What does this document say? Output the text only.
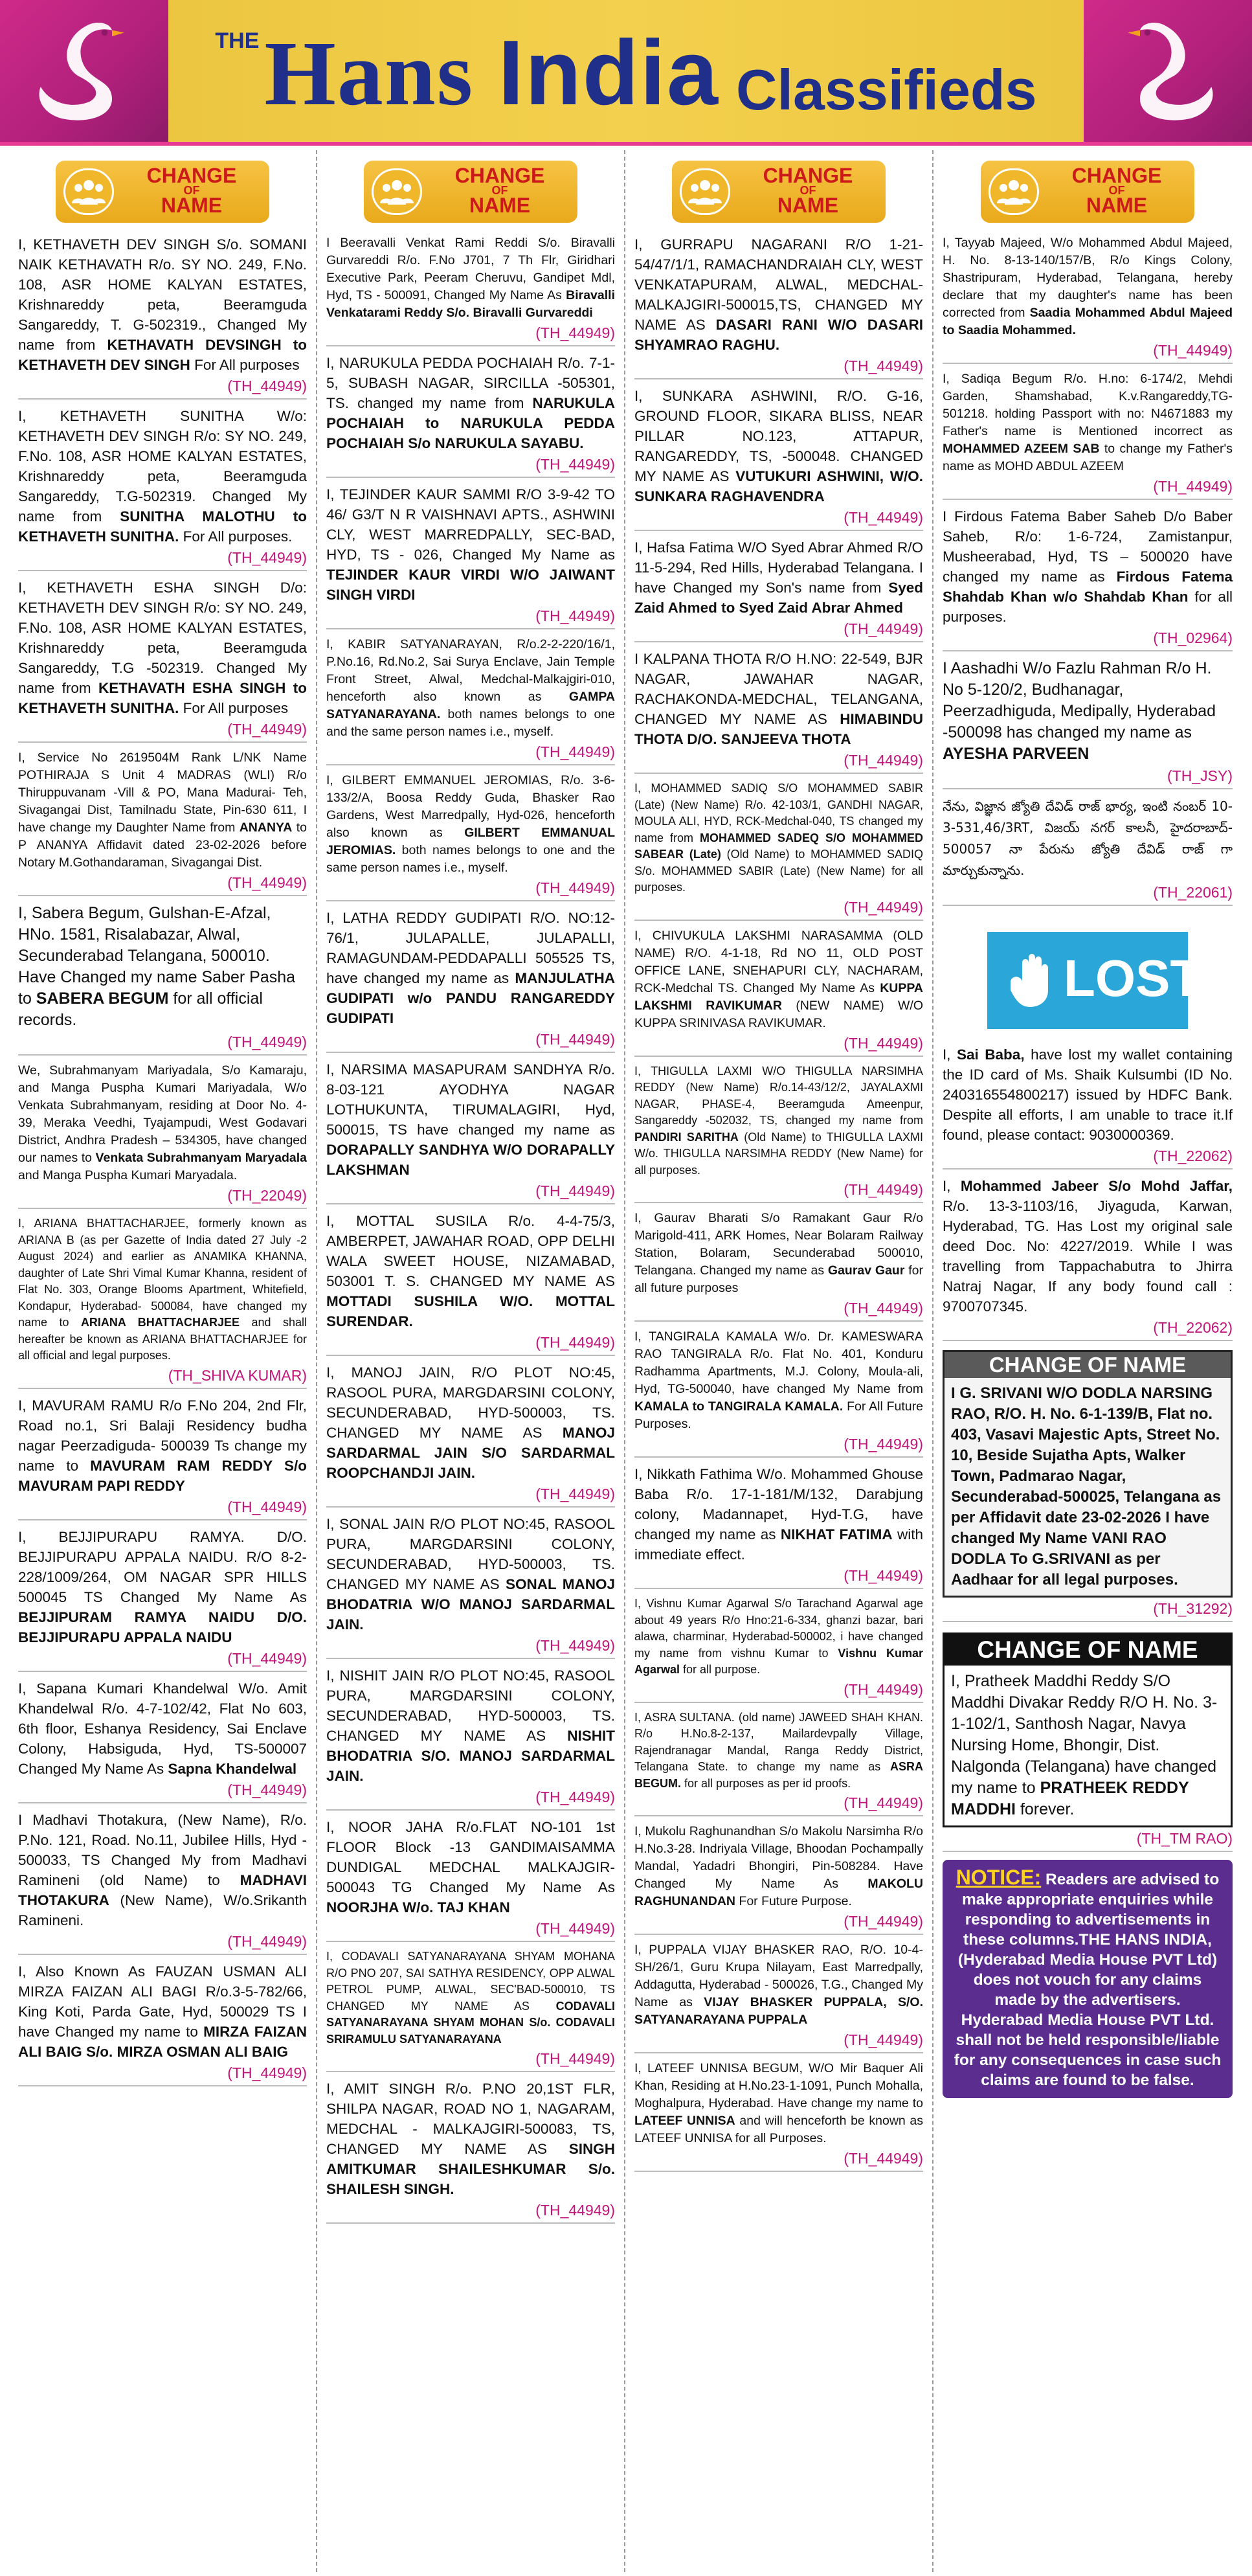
THE Hans India Classifieds
CHANGE
OF
NAME
I, KETHAVETH DEV SINGH S/o. SOMANI NAIK KETHAVATH R/o. SY NO. 249, F.No. 108, ASR HOME KALYAN ESTATES, Krishnareddy peta, Beeramguda Sangareddy, T. G-502319., Changed My name from KETHAVATH DEVSINGH to KETHAVETH DEV SINGH For All purposes
(TH_44949)
I, KETHAVETH SUNITHA W/o: KETHAVETH DEV SINGH R/o: SY NO. 249, F.No. 108, ASR HOME KALYAN ESTATES, Krishnareddy peta, Beeramguda Sangareddy, T.G-502319. Changed My name from SUNITHA MALOTHU to KETHAVETH SUNITHA. For All purposes.
(TH_44949)
I, KETHAVETH ESHA SINGH D/o: KETHAVETH DEV SINGH R/o: SY NO. 249, F.No. 108, ASR HOME KALYAN ESTATES, Krishnareddy peta, Beeramguda Sangareddy, T.G -502319. Changed My name from KETHAVATH ESHA SINGH to KETHAVETH SUNITHA. For All purposes
(TH_44949)
I, Service No 2619504M Rank L/NK Name POTHIRAJA S Unit 4 MADRAS (WLI) R/o Thiruppuvanam -Vill & PO, Mana Madurai- Teh, Sivagangai Dist, Tamilnadu State, Pin-630 611, I have change my Daughter Name from ANANYA to P ANANYA Affidavit dated 23-02-2026 before Notary M.Gothandaraman, Sivagangai Dist.
(TH_44949)
I, Sabera Begum, Gulshan-E-Afzal, HNo. 1581, Risalabazar, Alwal, Secunderabad Telangana, 500010. Have Changed my name Saber Pasha to SABERA BEGUM for all official records.
(TH_44949)
We, Subrahmanyam Mariyadala, S/o Kamaraju, and Manga Puspha Kumari Mariyadala, W/o Venkata Subrahmanyam, residing at Door No. 4-39, Meraka Veedhi, Tyajampudi, West Godavari District, Andhra Pradesh – 534305, have changed our names to Venkata Subrahmanyam Maryadala and Manga Puspha Kumari Maryadala.
(TH_22049)
I, ARIANA BHATTACHARJEE, formerly known as ARIANA B (as per Gazette of India dated 27 July -2 August 2024) and earlier as ANAMIKA KHANNA, daughter of Late Shri Vimal Kumar Khanna, resident of Flat No. 303, Orange Blooms Apartment, Whitefield, Kondapur, Hyderabad- 500084, have changed my name to ARIANA BHATTACHARJEE and shall hereafter be known as ARIANA BHATTACHARJEE for all official and legal purposes.
(TH_SHIVA KUMAR)
I, MAVURAM RAMU R/o F.No 204, 2nd Flr, Road no.1, Sri Balaji Residency budha nagar Peerzadiguda- 500039 Ts change my name to MAVURAM RAM REDDY S/o MAVURAM PAPI REDDY
(TH_44949)
I, BEJJIPURAPU RAMYA. D/O. BEJJIPURAPU APPALA NAIDU. R/O 8-2-228/1009/264, OM NAGAR SPR HILLS 500045 TS Changed My Name As BEJJIPURAM RAMYA NAIDU D/O. BEJJIPURAPU APPALA NAIDU
(TH_44949)
I, Sapana Kumari Khandelwal W/o. Amit Khandelwal R/o. 4-7-102/42, Flat No 603, 6th floor, Eshanya Residency, Sai Enclave Colony, Habsiguda, Hyd, TS-500007 Changed My Name As Sapna Khandelwal
(TH_44949)
I Madhavi Thotakura, (New Name), R/o. P.No. 121, Road. No.11, Jubilee Hills, Hyd - 500033, TS Changed My from Madhavi Ramineni (old Name) to MADHAVI THOTAKURA (New Name), W/o.Srikanth Ramineni.
(TH_44949)
I, Also Known As FAUZAN USMAN ALI MIRZA FAIZAN ALI BAGI R/o.3-5-782/66, King Koti, Parda Gate, Hyd, 500029 TS I have Changed my name to MIRZA FAIZAN ALI BAIG S/o. MIRZA OSMAN ALI BAIG
(TH_44949)
CHANGE
OF
NAME
I Beeravalli Venkat Rami Reddi S/o. Biravalli Gurvareddi R/o. F.No J701, 7 Th Flr, Giridhari Executive Park, Peeram Cheruvu, Gandipet Mdl, Hyd, TS - 500091, Changed My Name As Biravalli Venkatarami Reddy S/o. Biravalli Gurvareddi
(TH_44949)
I, NARUKULA PEDDA POCHAIAH R/o. 7-1-5, SUBASH NAGAR, SIRCILLA -505301, TS. changed my name from NARUKULA POCHAIAH to NARUKULA PEDDA POCHAIAH S/o NARUKULA SAYABU.
(TH_44949)
I, TEJINDER KAUR SAMMI R/O 3-9-42 TO 46/ G3/T N R VAISHNAVI APTS., ASHWINI CLY, WEST MARREDPALLY, SEC-BAD, HYD, TS - 026, Changed My Name as TEJINDER KAUR VIRDI W/O JAIWANT SINGH VIRDI
(TH_44949)
I, KABIR SATYANARAYAN, R/o.2-2-220/16/1, P.No.16, Rd.No.2, Sai Surya Enclave, Jain Temple Front Street, Alwal, Medchal-Malkajgiri-010, henceforth also known as GAMPA SATYANARAYANA. both names belongs to one and the same person names i.e., myself.
(TH_44949)
I, GILBERT EMMANUEL JEROMIAS, R/o. 3-6-133/2/A, Boosa Reddy Guda, Bhasker Rao Gardens, West Marredpally, Hyd-026, henceforth also known as GILBERT EMMANUAL JEROMIAS. both names belongs to one and the same person names i.e., myself.
(TH_44949)
I, LATHA REDDY GUDIPATI R/O. NO:12-76/1, JULAPALLE, JULAPALLI, RAMAGUNDAM-PEDDAPALLI 505525 TS, have changed my name as MANJULATHA GUDIPATI w/o PANDU RANGAREDDY GUDIPATI
(TH_44949)
I, NARSIMA MASAPURAM SANDHYA R/o. 8-03-121 AYODHYA NAGAR LOTHUKUNTA, TIRUMALAGIRI, Hyd, 500015, TS have changed my name as DORAPALLY SANDHYA W/O DORAPALLY LAKSHMAN
(TH_44949)
I, MOTTAL SUSILA R/o. 4-4-75/3, AMBERPET, JAWAHAR ROAD, OPP DELHI WALA SWEET HOUSE, NIZAMABAD, 503001 T. S. CHANGED MY NAME AS MOTTADI SUSHILA W/O. MOTTAL SURENDAR.
(TH_44949)
I, MANOJ JAIN, R/O PLOT NO:45, RASOOL PURA, MARGDARSINI COLONY, SECUNDERABAD, HYD-500003, TS. CHANGED MY NAME AS MANOJ SARDARMAL JAIN S/O SARDARMAL ROOPCHANDJI JAIN.
(TH_44949)
I, SONAL JAIN R/O PLOT NO:45, RASOOL PURA, MARGDARSINI COLONY, SECUNDERABAD, HYD-500003, TS. CHANGED MY NAME AS SONAL MANOJ BHODATRIA W/O MANOJ SARDARMAL JAIN.
(TH_44949)
I, NISHIT JAIN R/O PLOT NO:45, RASOOL PURA, MARGDARSINI COLONY, SECUNDERABAD, HYD-500003, TS. CHANGED MY NAME AS NISHIT BHODATRIA S/O. MANOJ SARDARMAL JAIN.
(TH_44949)
I, NOOR JAHA R/o.FLAT NO-101 1st FLOOR Block -13 GANDIMAISAMMA DUNDIGAL MEDCHAL MALKAJGIR-500043 TG Changed My Name As NOORJHA W/o. TAJ KHAN
(TH_44949)
I, CODAVALI SATYANARAYANA SHYAM MOHANA R/O PNO 207, SAI SATHYA RESIDENCY, OPP ALWAL PETROL PUMP, ALWAL, SEC'BAD-500010, TS CHANGED MY NAME AS CODAVALI SATYANARAYANA SHYAM MOHAN S/o. CODAVALI SRIRAMULU SATYANARAYANA
(TH_44949)
I, AMIT SINGH R/o. P.NO 20,1ST FLR, SHILPA NAGAR, ROAD NO 1, NAGARAM, MEDCHAL - MALKAJGIRI-500083, TS, CHANGED MY NAME AS SINGH AMITKUMAR SHAILESHKUMAR S/o. SHAILESH SINGH.
(TH_44949)
CHANGE
OF
NAME
I, GURRAPU NAGARANI R/O 1-21-54/47/1/1, RAMACHANDRAIAH CLY, WEST VENKATAPURAM, ALWAL, MEDCHAL-MALKAJGIRI-500015,TS, CHANGED MY NAME AS DASARI RANI W/O DASARI SHYAMRAO RAGHU.
(TH_44949)
I, SUNKARA ASHWINI, R/O. G-16, GROUND FLOOR, SIKARA BLISS, NEAR PILLAR NO.123, ATTAPUR, RANGAREDDY, TS, -500048. CHANGED MY NAME AS VUTUKURI ASHWINI, W/O. SUNKARA RAGHAVENDRA
(TH_44949)
I, Hafsa Fatima W/O Syed Abrar Ahmed R/O 11-5-294, Red Hills, Hyderabad Telangana. I have Changed my Son's name from Syed Zaid Ahmed to Syed Zaid Abrar Ahmed
(TH_44949)
I KALPANA THOTA R/O H.NO: 22-549, BJR NAGAR, JAWAHAR NAGAR, RACHAKONDA-MEDCHAL, TELANGANA, CHANGED MY NAME AS HIMABINDU THOTA D/O. SANJEEVA THOTA
(TH_44949)
I, MOHAMMED SADIQ S/O MOHAMMED SABIR (Late) (New Name) R/o. 42-103/1, GANDHI NAGAR, MOULA ALI, HYD, RCK-Medchal-040, TS changed my name from MOHAMMED SADEQ S/O MOHAMMED SABEAR (Late) (Old Name) to MOHAMMED SADIQ S/o. MOHAMMED SABIR (Late) (New Name) for all purposes.
(TH_44949)
I, CHIVUKULA LAKSHMI NARASAMMA (OLD NAME) R/O. 4-1-18, Rd NO 11, OLD POST OFFICE LANE, SNEHAPURI CLY, NACHARAM, RCK-Medchal TS. Changed My Name As KUPPA LAKSHMI RAVIKUMAR (NEW NAME) W/O KUPPA SRINIVASA RAVIKUMAR.
(TH_44949)
I, THIGULLA LAXMI W/O THIGULLA NARSIMHA REDDY (New Name) R/o.14-43/12/2, JAYALAXMI NAGAR, PHASE-4, Beeramguda Ameenpur, Sangareddy -502032, TS, changed my name from PANDIRI SARITHA (Old Name) to THIGULLA LAXMI W/o. THIGULLA NARSIMHA REDDY (New Name) for all purposes.
(TH_44949)
I, Gaurav Bharati S/o Ramakant Gaur R/o Marigold-411, ARK Homes, Near Bolaram Railway Station, Bolaram, Secunderabad 500010, Telangana. Changed my name as Gaurav Gaur for all future purposes
(TH_44949)
I, TANGIRALA KAMALA W/o. Dr. KAMESWARA RAO TANGIRALA R/o. Flat No. 401, Konduru Radhamma Apartments, M.J. Colony, Moula-ali, Hyd, TG-500040, have changed My Name from KAMALA to TANGIRALA KAMALA. For All Future Purposes.
(TH_44949)
I, Nikkath Fathima W/o. Mohammed Ghouse Baba R/o. 17-1-181/M/132, Darabjung colony, Madannapet, Hyd-T.G, have changed my name as NIKHAT FATIMA with immediate effect.
(TH_44949)
I, Vishnu Kumar Agarwal S/o Tarachand Agarwal age about 49 years R/o Hno:21-6-334, ghanzi bazar, bari alawa, charminar, Hyderabad-500002, i have changed my name from vishnu Kumar to Vishnu Kumar Agarwal for all purpose.
(TH_44949)
I, ASRA SULTANA. (old name) JAWEED SHAH KHAN. R/o H.No.8-2-137, Mailardevpally Village, Rajendranagar Mandal, Ranga Reddy District, Telangana State. to change my name as ASRA BEGUM. for all purposes as per id proofs.
(TH_44949)
I, Mukolu Raghunandhan S/o Makolu Narsimha R/o H.No.3-28. Indriyala Village, Bhoodan Pochampally Mandal, Yadadri Bhongiri, Pin-508284. Have Changed My Name As MAKOLU RAGHUNANDAN For Future Purpose.
(TH_44949)
I, PUPPALA VIJAY BHASKER RAO, R/O. 10-4-SH/26/1, Guru Krupa Nilayam, East Marredpally, Addagutta, Hyderabad - 500026, T.G., Changed My Name as VIJAY BHASKER PUPPALA, S/O. SATYANARAYANA PUPPALA
(TH_44949)
I, LATEEF UNNISA BEGUM, W/O Mir Baquer Ali Khan, Residing at H.No.23-1-1091, Punch Mohalla, Moghalpura, Hyderabad. Have change my name to LATEEF UNNISA and will henceforth be known as LATEEF UNNISA for all Purposes.
(TH_44949)
CHANGE
OF
NAME
I, Tayyab Majeed, W/o Mohammed Abdul Majeed, H. No. 8-13-140/157/B, R/o Kings Colony, Shastripuram, Hyderabad, Telangana, hereby declare that my daughter's name has been corrected from Saadia Mohammed Abdul Majeed to Saadia Mohammed.
(TH_44949)
I, Sadiqa Begum R/o. H.no: 6-174/2, Mehdi Garden, Shamshabad, K.v.Rangareddy,TG-501218. holding Passport with no: N4671883 my Father's name is Mentioned incorrect as MOHAMMED AZEEM SAB to change my Father's name as MOHD ABDUL AZEEM
(TH_44949)
I Firdous Fatema Baber Saheb D/o Baber Saheb, R/o: 1-6-724, Zamistanpur, Musheerabad, Hyd, TS – 500020 have changed my name as Firdous Fatema Shahdab Khan w/o Shahdab Khan for all purposes.
(TH_02964)
I Aashadhi W/o Fazlu Rahman R/o H. No 5-120/2, Budhanagar, Peerzadhiguda, Medipally, Hyderabad -500098 has changed my name as AYESHA PARVEEN
(TH_JSY)
నేను, విజ్ఞాన జ్యోతి దేవిడ్ రాజ్ భార్య, ఇంటి నంబర్ 10-3-531,46/3RT, విజయ్ నగర్ కాలనీ, హైదరాబాద్- 500057 నా పేరును జ్యోతి దేవిడ్ రాజ్ గా మార్చుకున్నాను.
(TH_22061)
LOST
I, Sai Baba, have lost my wallet containing the ID card of Ms. Shaik Kulsumbi (ID No. 240316554800217) issued by HDFC Bank. Despite all efforts, I am unable to trace it.If found, please contact: 9030000369.
(TH_22062)
I, Mohammed Jabeer S/o Mohd Jaffar, R/o. 13-3-1103/16, Jiyaguda, Karwan, Hyderabad, TG. Has Lost my original sale deed Doc. No: 4227/2019. While I was travelling from Tappachabutra to Jhirra Natraj Nagar, If any body found call : 9700707345.
(TH_22062)
CHANGE OF NAME
I G. SRIVANI W/O DODLA NARSING RAO, R/O. H. No. 6-1-139/B, Flat no. 403, Vasavi Majestic Apts, Street No. 10, Beside Sujatha Apts, Walker Town, Padmarao Nagar, Secunderabad-500025, Telangana as per Affidavit date 23-02-2026 I have changed My Name VANI RAO DODLA To G.SRIVANI as per Aadhaar for all legal purposes.
(TH_31292)
CHANGE OF NAME
I, Pratheek Maddhi Reddy S/O Maddhi Divakar Reddy R/O H. No. 3-1-102/1, Santhosh Nagar, Navya Nursing Home, Bhongir, Dist. Nalgonda (Telangana) have changed my name to PRATHEEK REDDY MADDHI forever.
(TH_TM RAO)
NOTICE: Readers are advised to make appropriate enquiries while responding to advertisements in these columns.THE HANS INDIA, (Hyderabad Media House PVT Ltd) does not vouch for any claims made by the advertisers. Hyderabad Media House PVT Ltd. shall not be held responsible/liable for any consequences in case such claims are found to be false.
